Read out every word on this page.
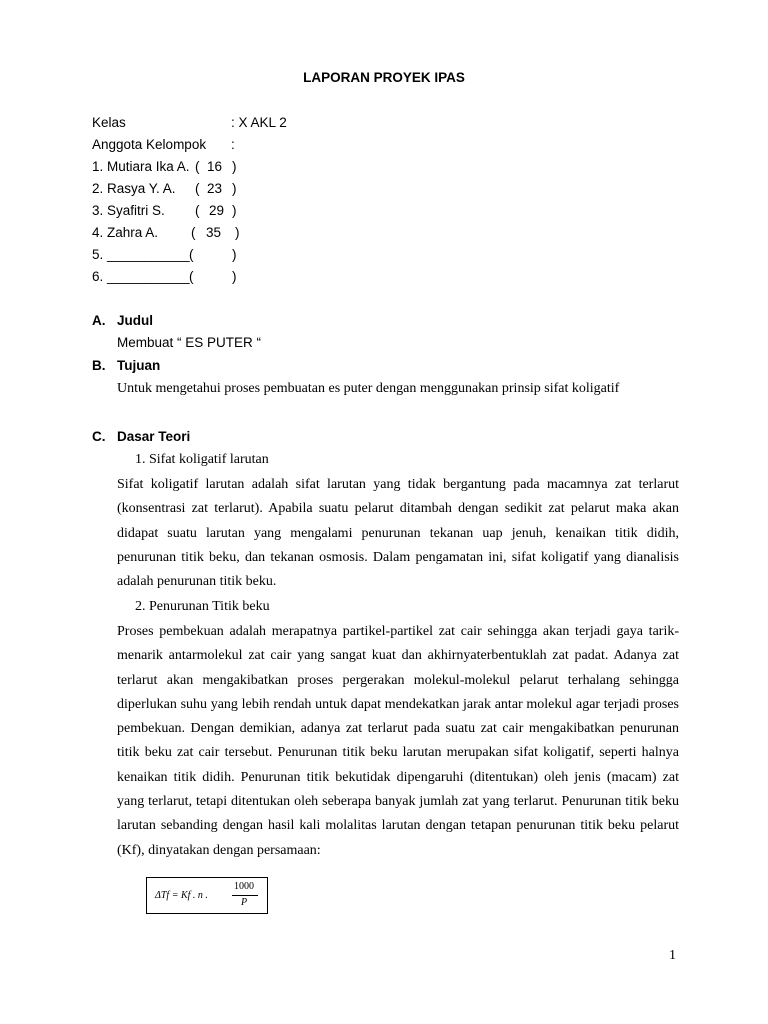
LAPORAN PROYEK IPAS
Kelas	: X AKL 2
Anggota Kelompok :
1. Mutiara Ika A. ( 16 )
2. Rasya Y. A. ( 23 )
3. Syafitri S. ( 29 )
4. Zahra A. ( 35 )
5. ___________ (	)
6. ___________ (	)
A. Judul
Membuat “ ES PUTER “
B. Tujuan
Untuk mengetahui proses pembuatan es puter dengan menggunakan prinsip sifat koligatif
C. Dasar Teori
1. Sifat koligatif larutan

Sifat koligatif larutan adalah sifat larutan yang tidak bergantung pada macamnya zat terlarut (konsentrasi zat terlarut). Apabila suatu pelarut ditambah dengan sedikit zat pelarut maka akan didapat suatu larutan yang mengalami penurunan tekanan uap jenuh, kenaikan titik didih, penurunan titik beku, dan tekanan osmosis. Dalam pengamatan ini, sifat koligatif yang dianalisis adalah penurunan titik beku.

2. Penurunan Titik beku

Proses pembekuan adalah merapatnya partikel-partikel zat cair sehingga akan terjadi gaya tarik-menarik antarmolekul zat cair yang sangat kuat dan akhirnyaterbentuklah zat padat. Adanya zat terlarut akan mengakibatkan proses pergerakan molekul-molekul pelarut terhalang sehingga diperlukan suhu yang lebih rendah untuk dapat mendekatkan jarak antar molekul agar terjadi proses pembekuan. Dengan demikian, adanya zat terlarut pada suatu zat cair mengakibatkan penurunan titik beku zat cair tersebut. Penurunan titik beku larutan merupakan sifat koligatif, seperti halnya kenaikan titik didih. Penurunan titik bekutidak dipengaruhi (ditentukan) oleh jenis (macam) zat yang terlarut, tetapi ditentukan oleh seberapa banyak jumlah zat yang terlarut. Penurunan titik beku larutan sebanding dengan hasil kali molalitas larutan dengan tetapan penurunan titik beku pelarut (Kf), dinyatakan dengan persamaan:

ΔTf = Kf . n .
1000
P
1
